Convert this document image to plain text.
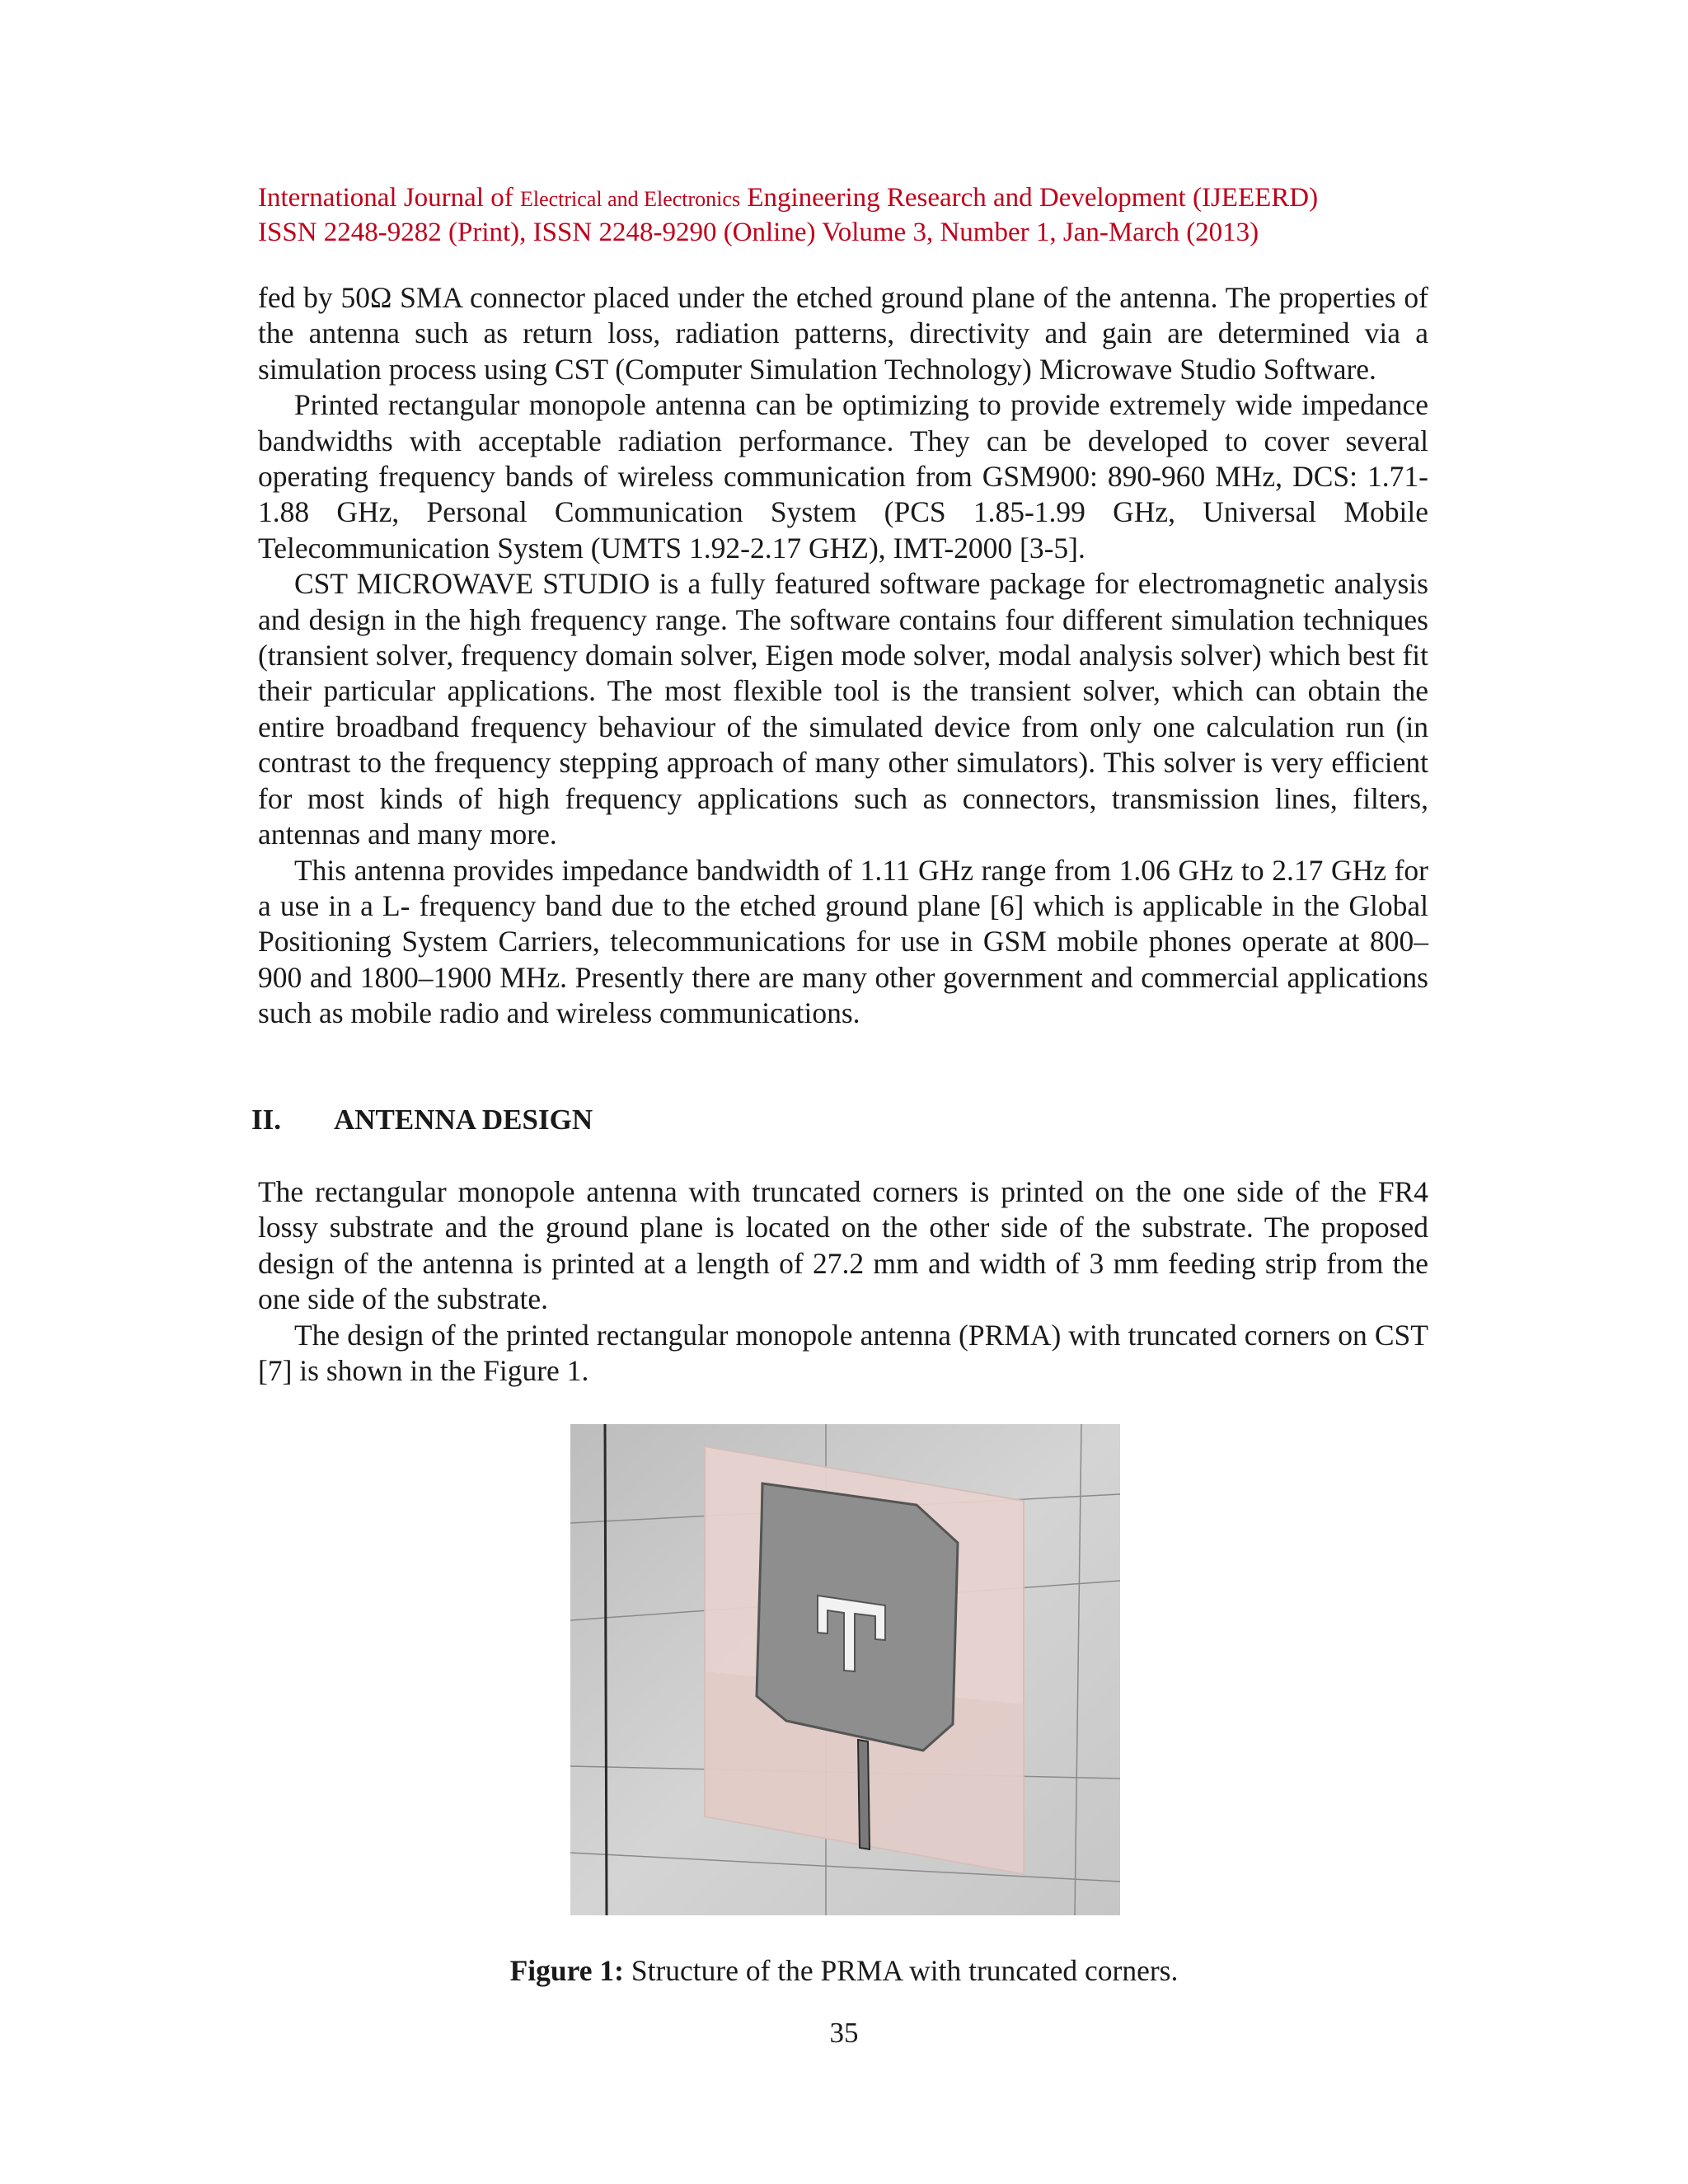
International Journal of Electrical and Electronics Engineering Research and Development (IJEEERD)
ISSN 2248-9282 (Print), ISSN 2248-9290 (Online) Volume 3, Number 1, Jan-March (2013)

fed by 50Ω SMA connector placed under the etched ground plane of the antenna. The properties of the antenna such as return loss, radiation patterns, directivity and gain are determined via a simulation process using CST (Computer Simulation Technology) Microwave Studio Software.

Printed rectangular monopole antenna can be optimizing to provide extremely wide impedance bandwidths with acceptable radiation performance. They can be developed to cover several operating frequency bands of wireless communication from GSM900: 890-960 MHz, DCS: 1.71-1.88 GHz, Personal Communication System (PCS 1.85-1.99 GHz, Universal Mobile Telecommunication System (UMTS 1.92-2.17 GHZ), IMT-2000 [3-5].

CST MICROWAVE STUDIO is a fully featured software package for electromagnetic analysis and design in the high frequency range. The software contains four different simulation techniques (transient solver, frequency domain solver, Eigen mode solver, modal analysis solver) which best fit their particular applications. The most flexible tool is the transient solver, which can obtain the entire broadband frequency behaviour of the simulated device from only one calculation run (in contrast to the frequency stepping approach of many other simulators). This solver is very efficient for most kinds of high frequency applications such as connectors, transmission lines, filters, antennas and many more.

This antenna provides impedance bandwidth of 1.11 GHz range from 1.06 GHz to 2.17 GHz for a use in a L- frequency band due to the etched ground plane [6] which is applicable in the Global Positioning System Carriers, telecommunications for use in GSM mobile phones operate at 800–900 and 1800–1900 MHz. Presently there are many other government and commercial applications such as mobile radio and wireless communications.

II. ANTENNA DESIGN

The rectangular monopole antenna with truncated corners is printed on the one side of the FR4 lossy substrate and the ground plane is located on the other side of the substrate. The proposed design of the antenna is printed at a length of 27.2 mm and width of 3 mm feeding strip from the one side of the substrate.

The design of the printed rectangular monopole antenna (PRMA) with truncated corners on CST [7] is shown in the Figure 1.

Figure 1: Structure of the PRMA with truncated corners.
35
